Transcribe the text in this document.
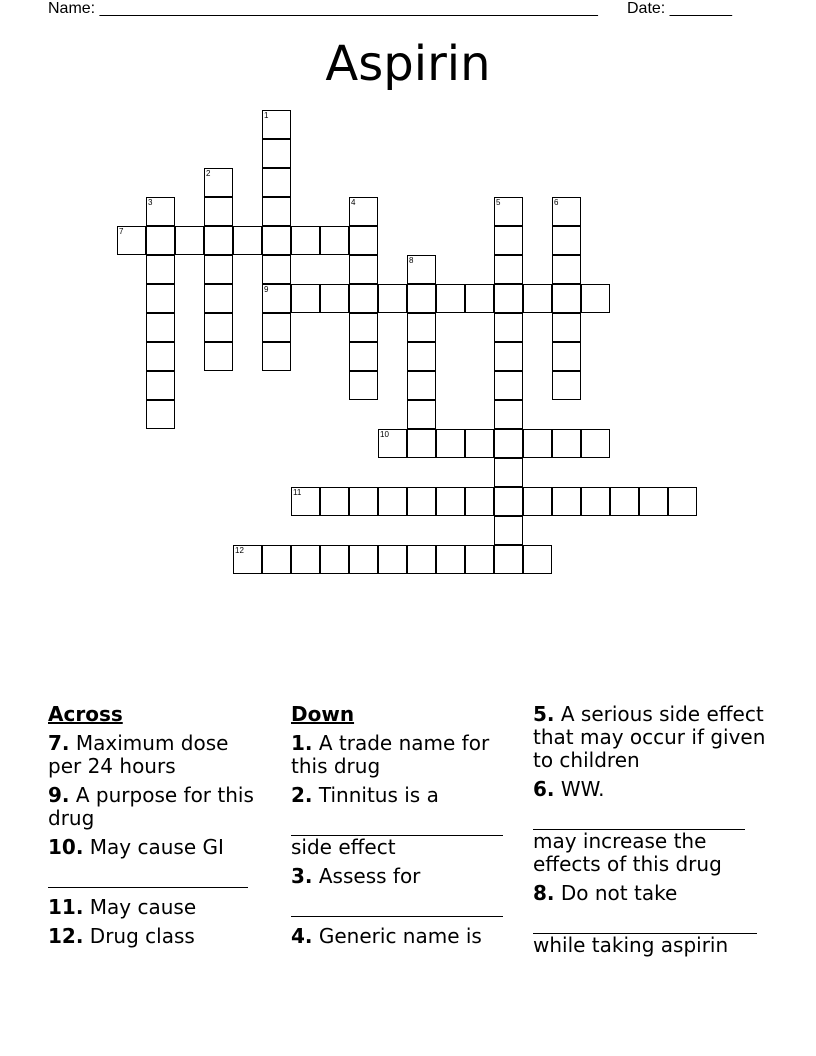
Name: ________________________________________________________ Date: _______
Aspirin
1
9
2
3	4	5	6
7
8
10
11
12
Across
7. Maximum dose per 24 hours
9. A purpose for this drug
10. May cause GI
11. May cause
12. Drug class
Down
1. A trade name for this drug
2. Tinnitus is a
side effect
3. Assess for
4. Generic name is
5. A serious side effect that may occur if given to children
6. WW.
may increase the effects of this drug
8. Do not take
while taking aspirin
